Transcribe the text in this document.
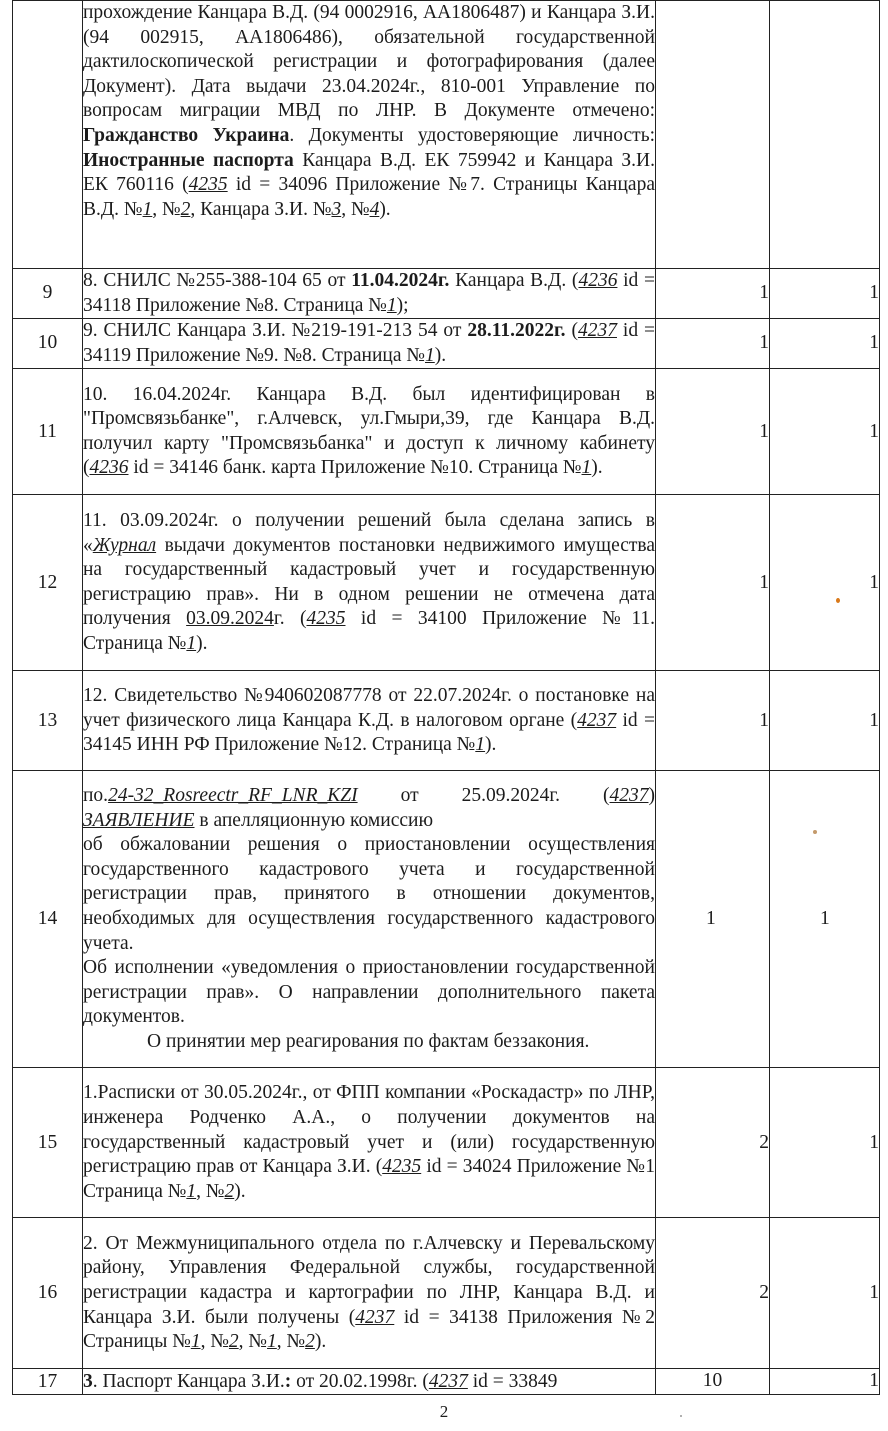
	прохождение Канцара В.Д. (94 0002916, АА1806487) и Канцара З.И. (94 002915, АА1806486), обязательной государственной дактилоскопической регистрации и фотографирования (далее Документ). Дата выдачи 23.04.2024г., 810-001 Управление по вопросам миграции МВД по ЛНР. В Документе отмечено: Гражданство Украина. Документы удостоверяющие личность: Иностранные паспорта Канцара В.Д. ЕК 759942 и Канцара З.И. ЕК 760116 (4235 id = 34096 Приложение №7. Страницы Канцара В.Д. №1, №2, Канцара З.И. №3, №4).		
9	8. СНИЛС №255-388-104 65 от 11.04.2024г. Канцара В.Д. (4236 id = 34118 Приложение №8. Страница №1);	1	1
10	9. СНИЛС Канцара З.И. №219-191-213 54 от 28.11.2022г. (4237 id = 34119 Приложение №9. №8. Страница №1).	1	1
11	10. 16.04.2024г. Канцара В.Д. был идентифицирован в "Промсвязьбанке", г.Алчевск, ул.Гмыри,39, где Канцара В.Д. получил карту "Промсвязьбанка" и доступ к личному кабинету (4236 id = 34146 банк. карта Приложение №10. Страница №1).	1	1
12	11. 03.09.2024г. о получении решений была сделана запись в «Журнал выдачи документов постановки недвижимого имущества на государственный кадастровый учет и государственную регистрацию прав». Ни в одном решении не отмечена дата получения 03.09.2024г. (4235 id = 34100 Приложение №11. Страница №1).	1	1
13	12. Свидетельство №940602087778 от 22.07.2024г. о постановке на учет физического лица Канцара К.Д. в налоговом органе (4237 id = 34145 ИНН РФ Приложение №12. Страница №1).	1	1
14	по.24-32_Rosreectr_RF_LNR_KZI от 25.09.2024г. (4237) ЗАЯВЛЕНИЕ в апелляционную комиссию
об обжаловании решения о приостановлении осуществления государственного кадастрового учета и государственной регистрации прав, принятого в отношении документов, необходимых для осуществления государственного кадастрового учета.
Об исполнении «уведомления о приостановлении государственной регистрации прав». О направлении дополнительного пакета документов.
О принятии мер реагирования по фактам беззакония.	1	1
15	1.Расписки от 30.05.2024г., от ФПП компании «Роскадастр» по ЛНР, инженера Родченко А.А., о получении документов на государственный кадастровый учет и (или) государственную регистрацию прав от Канцара З.И. (4235 id = 34024 Приложение №1 Страница №1, №2).	2	1
16	2. От Межмуниципального отдела по г.Алчевску и Перевальскому району, Управления Федеральной службы, государственной регистрации кадастра и картографии по ЛНР, Канцара В.Д. и Канцара З.И. были получены (4237 id = 34138 Приложения №2 Страницы №1, №2, №1, №2).	2	1
17	3. Паспорт Канцара З.И.: от 20.02.1998г. (4237 id = 33849	10	1
2
